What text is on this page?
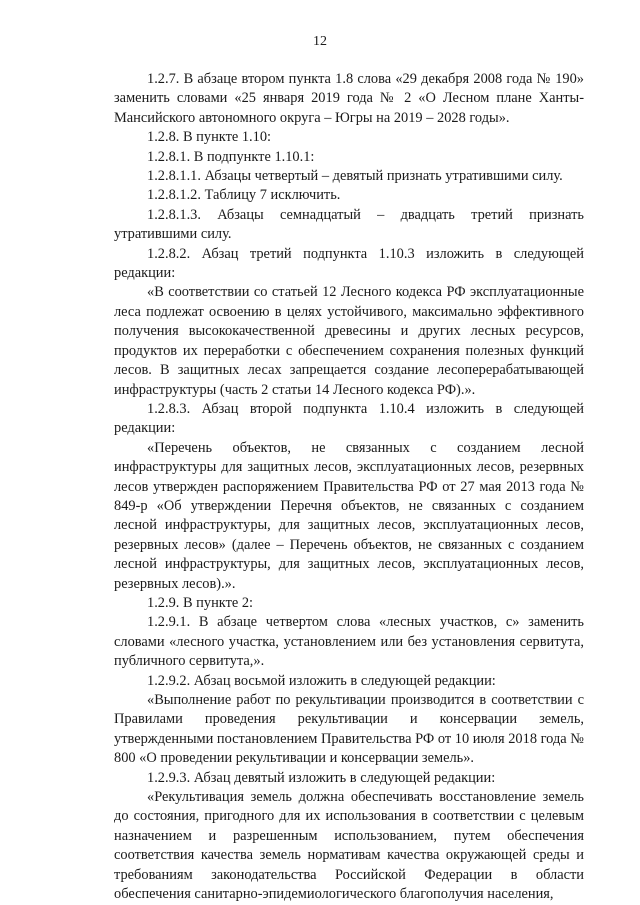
12

1.2.7. В абзаце втором пункта 1.8 слова «29 декабря 2008 года № 190» заменить словами «25 января 2019 года № 2 «О Лесном плане Ханты-Мансийского автономного округа – Югры на 2019 – 2028 годы».

1.2.8. В пункте 1.10:

1.2.8.1. В подпункте 1.10.1:

1.2.8.1.1. Абзацы четвертый – девятый признать утратившими силу.

1.2.8.1.2. Таблицу 7 исключить.

1.2.8.1.3. Абзацы семнадцатый – двадцать третий признать утратившими силу.

1.2.8.2. Абзац третий подпункта 1.10.3 изложить в следующей редакции:

«В соответствии со статьей 12 Лесного кодекса РФ эксплуатационные леса подлежат освоению в целях устойчивого, максимально эффективного получения высококачественной древесины и других лесных ресурсов, продуктов их переработки с обеспечением сохранения полезных функций лесов. В защитных лесах запрещается создание лесоперерабатывающей инфраструктуры (часть 2 статьи 14 Лесного кодекса РФ).».

1.2.8.3. Абзац второй подпункта 1.10.4 изложить в следующей редакции:

«Перечень объектов, не связанных с созданием лесной инфраструктуры для защитных лесов, эксплуатационных лесов, резервных лесов утвержден распоряжением Правительства РФ от 27 мая 2013 года № 849-р «Об утверждении Перечня объектов, не связанных с созданием лесной инфраструктуры, для защитных лесов, эксплуатационных лесов, резервных лесов» (далее – Перечень объектов, не связанных с созданием лесной инфраструктуры, для защитных лесов, эксплуатационных лесов, резервных лесов).».

1.2.9. В пункте 2:

1.2.9.1. В абзаце четвертом слова «лесных участков, с» заменить словами «лесного участка, установлением или без установления сервитута, публичного сервитута,».

1.2.9.2. Абзац восьмой изложить в следующей редакции:

«Выполнение работ по рекультивации производится в соответствии с Правилами проведения рекультивации и консервации земель, утвержденными постановлением Правительства РФ от 10 июля 2018 года № 800 «О проведении рекультивации и консервации земель».

1.2.9.3. Абзац девятый изложить в следующей редакции:

«Рекультивация земель должна обеспечивать восстановление земель до состояния, пригодного для их использования в соответствии с целевым назначением и разрешенным использованием, путем обеспечения соответствия качества земель нормативам качества окружающей среды и требованиям законодательства Российской Федерации в области обеспечения санитарно-эпидемиологического благополучия населения,
